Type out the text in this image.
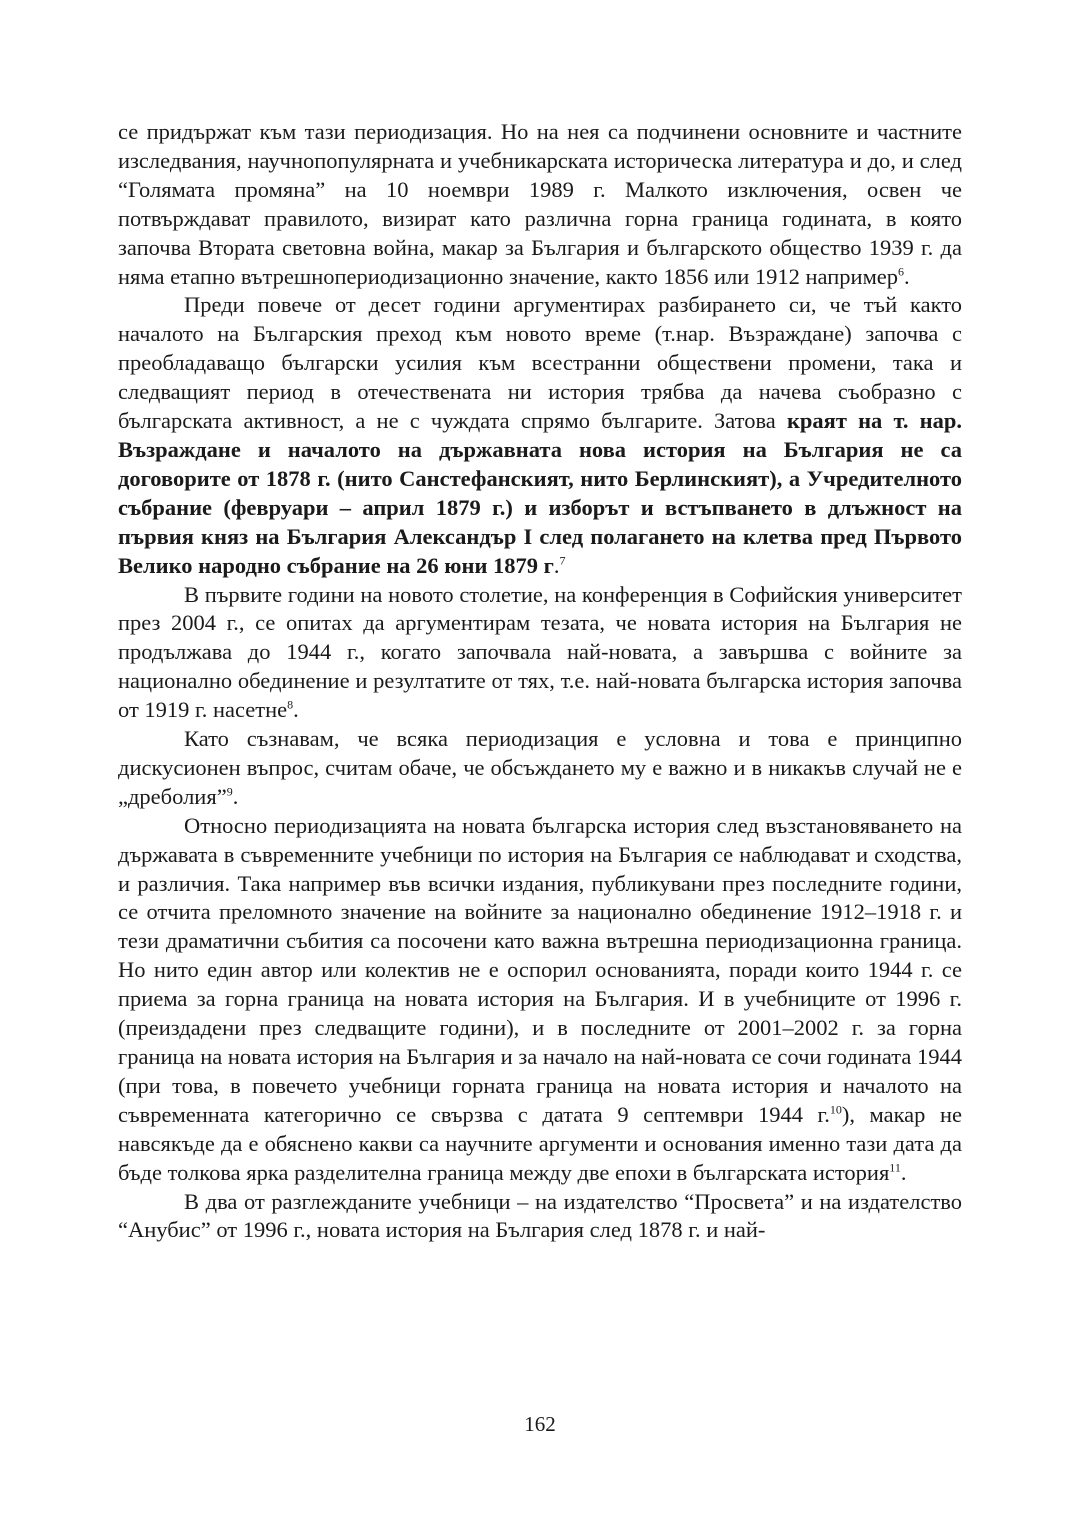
се придържат към тази периодизация. Но на нея са подчинени основните и частните изследвания, научнопопулярната и учебникарската историческа литература и до, и след “Голямата промяна” на 10 ноември 1989 г. Малкото изключения, освен че потвърждават правилото, визират като различна горна граница годината, в която започва Втората световна война, макар за България и българското общество 1939 г. да няма етапно вътрешнопериодизационно значение, както 1856 или 1912 например$^6$.

Преди повече от десет години аргументирах разбирането си, че тъй както началото на Българския преход към новото време (т.нар. Възраждане) започва с преобладаващо български усилия към всестранни обществени промени, така и следващият период в отечествената ни история трябва да начева съобразно с българската активност, а не с чуждата спрямо българите. Затова краят на т. нар. Възраждане и началото на държавната нова история на България не са договорите от 1878 г. (нито Санстефанският, нито Берлинският), а Учредителното събрание (февруари – април 1879 г.) и изборът и встъпването в длъжност на първия княз на България Александър I след полагането на клетва пред Първото Велико народно събрание на 26 юни 1879 г.$^7$

В първите години на новото столетие, на конференция в Софийския университет през 2004 г., се опитах да аргументирам тезата, че новата история на България не продължава до 1944 г., когато започвала най-новата, а завършва с войните за национално обединение и резултатите от тях, т.е. най-новата българска история започва от 1919 г. насетне$^8$.

Като съзнавам, че всяка периодизация е условна и това е принципно дискусионен въпрос, считам обаче, че обсъждането му е важно и в никакъв случай не е „дреболия”$^9$.

Относно периодизацията на новата българска история след възстановяването на държавата в съвременните учебници по история на България се наблюдават и сходства, и различия. Така например във всички издания, публикувани през последните години, се отчита преломното значение на войните за национално обединение 1912–1918 г. и тези драматични събития са посочени като важна вътрешна периодизационна граница. Но нито един автор или колектив не е оспорил основанията, поради които 1944 г. се приема за горна граница на новата история на България. И в учебниците от 1996 г. (преиздадени през следващите години), и в последните от 2001–2002 г. за горна граница на новата история на България и за начало на най-новата се сочи годината 1944 (при това, в повечето учебници горната граница на новата история и началото на съвременната категорично се свързва с датата 9 септември 1944 г.$^{10}$), макар не навсякъде да е обяснено какви са научните аргументи и основания именно тази дата да бъде толкова ярка разделителна граница между две епохи в българската история$^{11}$.

В два от разглежданите учебници – на издателство “Просвета” и на издателство “Анубис” от 1996 г., новата история на България след 1878 г. и най-

162
